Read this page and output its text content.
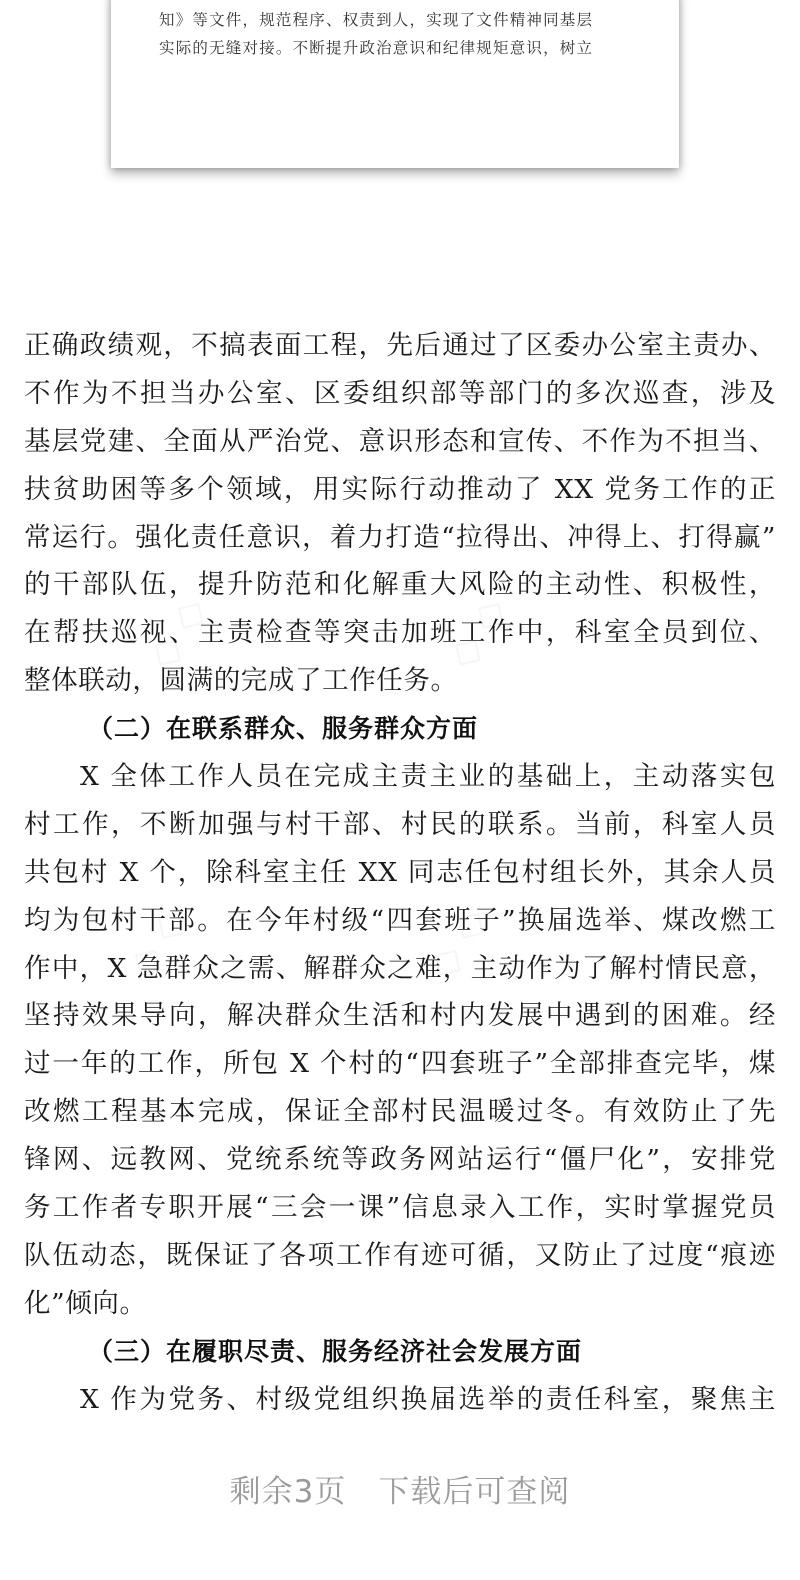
知》等文件，规范程序、权责到人，实现了文件精神同基层
实际的无缝对接。不断提升政治意识和纪律规矩意识，树立
正确政绩观，不搞表面工程，先后通过了区委办公室主责办、
不作为不担当办公室、区委组织部等部门的多次巡查，涉及
基层党建、全面从严治党、意识形态和宣传、不作为不担当、
扶贫助困等多个领域，用实际行动推动了 XX 党务工作的正
常运行。强化责任意识，着力打造“拉得出、冲得上、打得赢”
的干部队伍，提升防范和化解重大风险的主动性、积极性，
在帮扶巡视、主责检查等突击加班工作中，科室全员到位、
整体联动，圆满的完成了工作任务。
（二）在联系群众、服务群众方面
X 全体工作人员在完成主责主业的基础上，主动落实包
村工作，不断加强与村干部、村民的联系。当前，科室人员
共包村 X 个，除科室主任 XX 同志任包村组长外，其余人员
均为包村干部。在今年村级“四套班子”换届选举、煤改燃工
作中，X 急群众之需、解群众之难，主动作为了解村情民意，
坚持效果导向，解决群众生活和村内发展中遇到的困难。经
过一年的工作，所包 X 个村的“四套班子”全部排查完毕，煤
改燃工程基本完成，保证全部村民温暖过冬。有效防止了先
锋网、远教网、党统系统等政务网站运行“僵尸化”，安排党
务工作者专职开展“三会一课”信息录入工作，实时掌握党员
队伍动态，既保证了各项工作有迹可循，又防止了过度“痕迹
化”倾向。
（三）在履职尽责、服务经济社会发展方面
X 作为党务、村级党组织换届选举的责任科室，聚焦主
剩余3页 下载后可查阅
